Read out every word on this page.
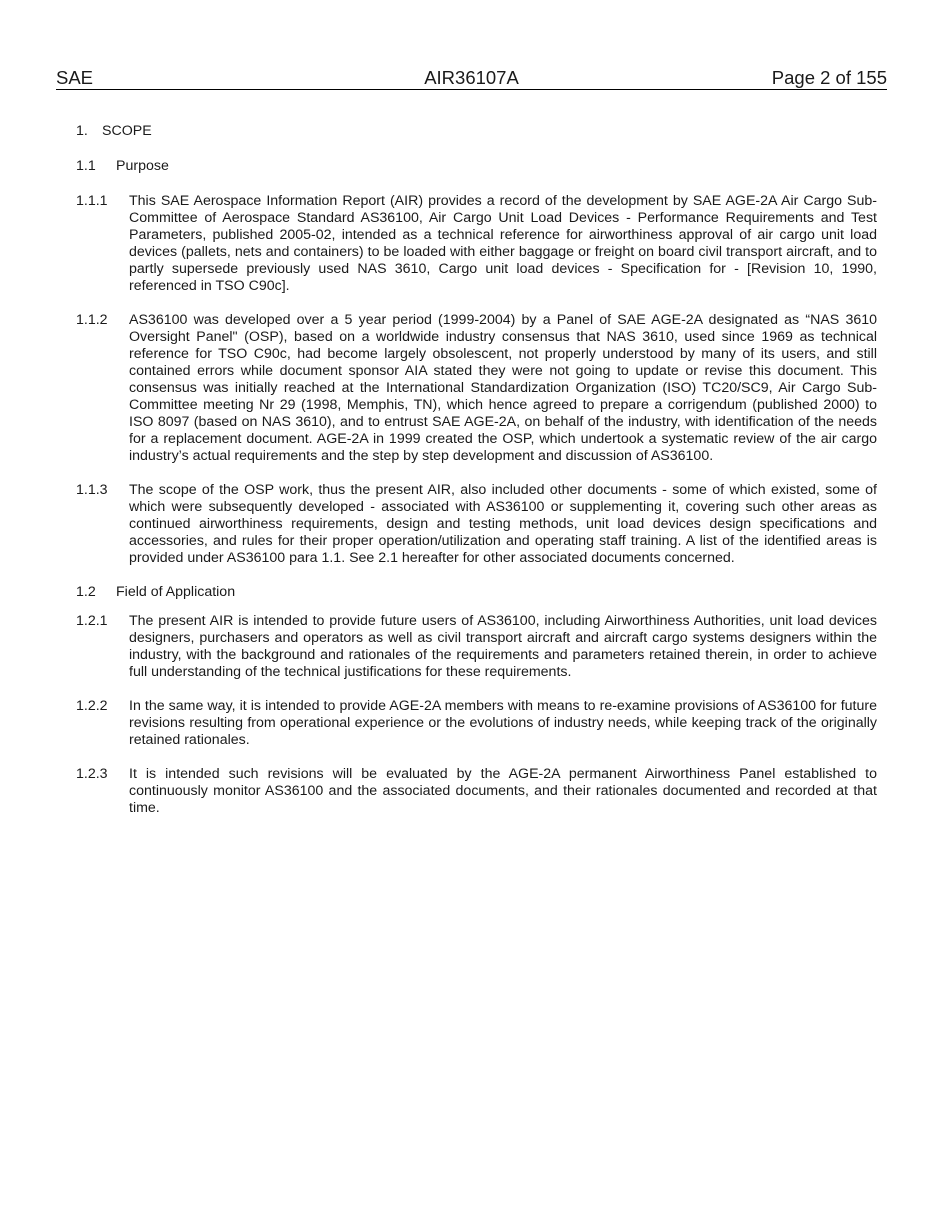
SAE	AIR36107A	Page 2 of 155
1. SCOPE
1.1 Purpose
1.1.1 This SAE Aerospace Information Report (AIR) provides a record of the development by SAE AGE-2A Air Cargo Sub-Committee of Aerospace Standard AS36100, Air Cargo Unit Load Devices - Performance Requirements and Test Parameters, published 2005-02, intended as a technical reference for airworthiness approval of air cargo unit load devices (pallets, nets and containers) to be loaded with either baggage or freight on board civil transport aircraft, and to partly supersede previously used NAS 3610, Cargo unit load devices - Specification for - [Revision 10, 1990, referenced in TSO C90c].
1.1.2 AS36100 was developed over a 5 year period (1999-2004) by a Panel of SAE AGE-2A designated as “NAS 3610 Oversight Panel" (OSP), based on a worldwide industry consensus that NAS 3610, used since 1969 as technical reference for TSO C90c, had become largely obsolescent, not properly understood by many of its users, and still contained errors while document sponsor AIA stated they were not going to update or revise this document. This consensus was initially reached at the International Standardization Organization (ISO) TC20/SC9, Air Cargo Sub-Committee meeting Nr 29 (1998, Memphis, TN), which hence agreed to prepare a corrigendum (published 2000) to ISO 8097 (based on NAS 3610), and to entrust SAE AGE-2A, on behalf of the industry, with identification of the needs for a replacement document. AGE-2A in 1999 created the OSP, which undertook a systematic review of the air cargo industry’s actual requirements and the step by step development and discussion of AS36100.
1.1.3 The scope of the OSP work, thus the present AIR, also included other documents - some of which existed, some of which were subsequently developed - associated with AS36100 or supplementing it, covering such other areas as continued airworthiness requirements, design and testing methods, unit load devices design specifications and accessories, and rules for their proper operation/utilization and operating staff training. A list of the identified areas is provided under AS36100 para 1.1. See 2.1 hereafter for other associated documents concerned.
1.2 Field of Application
1.2.1 The present AIR is intended to provide future users of AS36100, including Airworthiness Authorities, unit load devices designers, purchasers and operators as well as civil transport aircraft and aircraft cargo systems designers within the industry, with the background and rationales of the requirements and parameters retained therein, in order to achieve full understanding of the technical justifications for these requirements.
1.2.2 In the same way, it is intended to provide AGE-2A members with means to re-examine provisions of AS36100 for future revisions resulting from operational experience or the evolutions of industry needs, while keeping track of the originally retained rationales.
1.2.3 It is intended such revisions will be evaluated by the AGE-2A permanent Airworthiness Panel established to continuously monitor AS36100 and the associated documents, and their rationales documented and recorded at that time.
